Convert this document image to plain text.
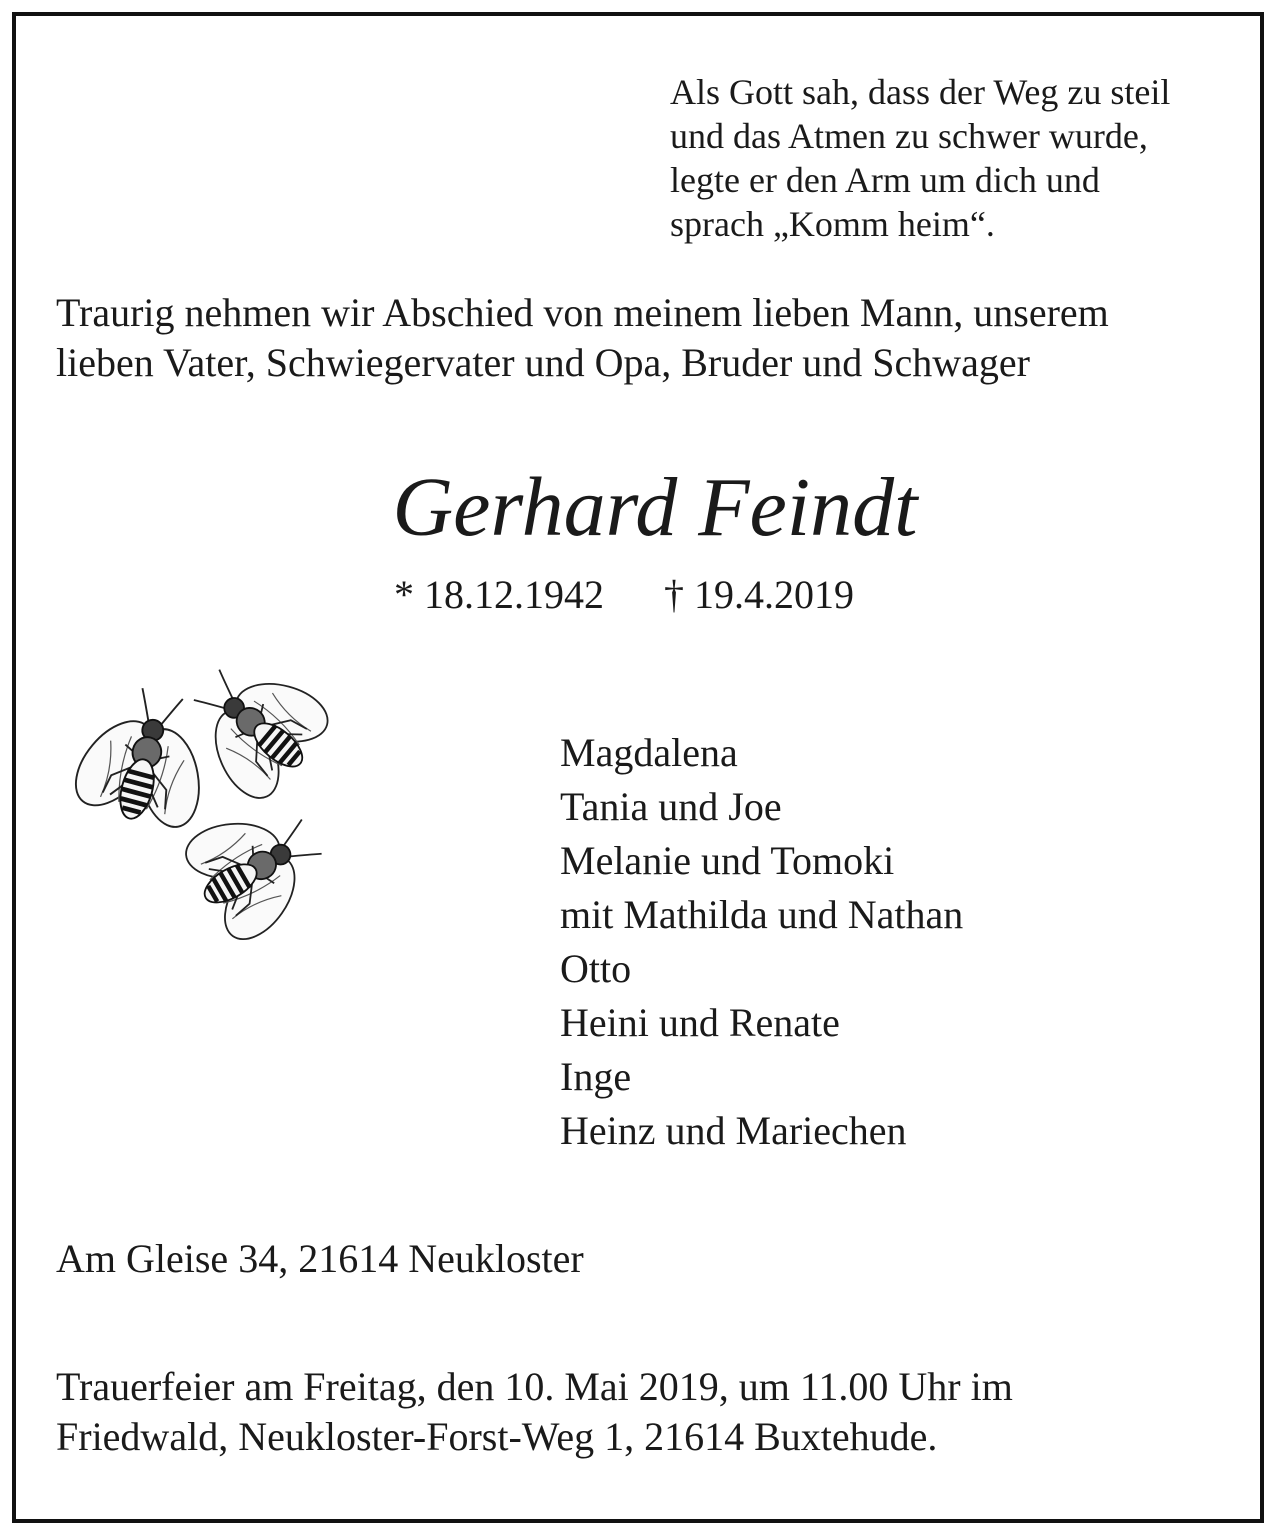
Als Gott sah, dass der Weg zu steil
und das Atmen zu schwer wurde,
legte er den Arm um dich und
sprach „Komm heim“.
Traurig nehmen wir Abschied von meinem lieben Mann, unserem
lieben Vater, Schwiegervater und Opa, Bruder und Schwager
Gerhard Feindt
* 18.12.1942 † 19.4.2019
Magdalena
Tania und Joe
Melanie und Tomoki
mit Mathilda und Nathan
Otto
Heini und Renate
Inge
Heinz und Mariechen
Am Gleise 34, 21614 Neukloster
Trauerfeier am Freitag, den 10. Mai 2019, um 11.00 Uhr im
Friedwald, Neukloster-Forst-Weg 1, 21614 Buxtehude.
